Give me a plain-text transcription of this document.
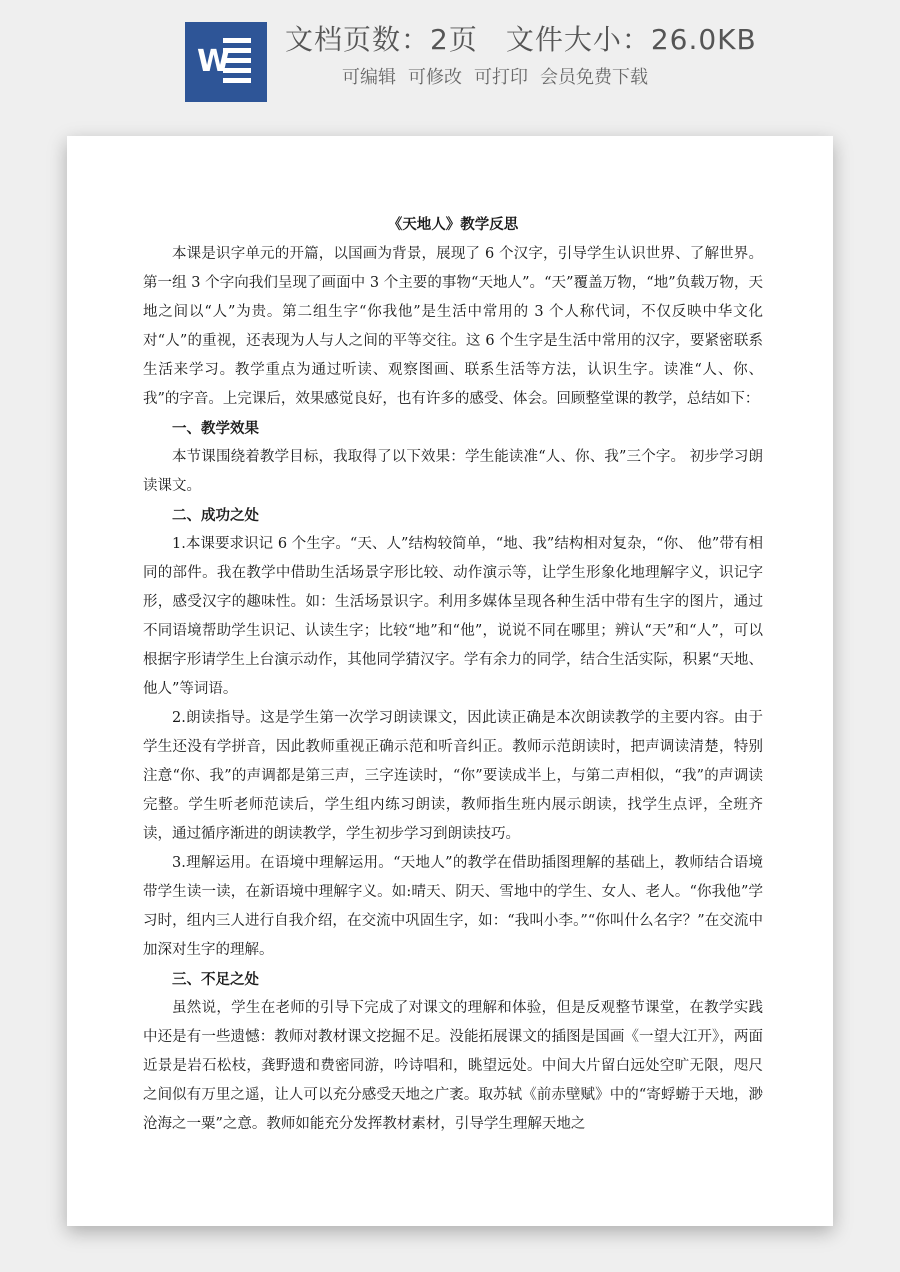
W
文档页数：2页 文件大小：26.0KB
可编辑 可修改 可打印 会员免费下载

《天地人》教学反思

本课是识字单元的开篇，以国画为背景，展现了 6 个汉字，引导学生认识世界、了解世界。第一组 3 个字向我们呈现了画面中 3 个主要的事物“天地人”。“天”覆盖万物，“地”负载万物，天地之间以“人”为贵。第二组生字“你我他”是生活中常用的 3 个人称代词，不仅反映中华文化对“人”的重视，还表现为人与人之间的平等交往。这 6 个生字是生活中常用的汉字，要紧密联系生活来学习。教学重点为通过听读、观察图画、联系生活等方法，认识生字。读准“人、你、我”的字音。上完课后，效果感觉良好，也有许多的感受、体会。回顾整堂课的教学，总结如下：

一、教学效果

本节课围绕着教学目标，我取得了以下效果：学生能读准“人、你、我”三个字。 初步学习朗读课文。

二、成功之处

1.本课要求识记 6 个生字。“天、人”结构较简单，“地、我”结构相对复杂，“你、 他”带有相同的部件。我在教学中借助生活场景字形比较、动作演示等，让学生形象化地理解字义，识记字形，感受汉字的趣味性。如：生活场景识字。利用多媒体呈现各种生活中带有生字的图片，通过不同语境帮助学生识记、认读生字；比较“地”和“他”，说说不同在哪里；辨认“天”和“人”，可以根据字形请学生上台演示动作，其他同学猜汉字。学有余力的同学，结合生活实际，积累“天地、他人”等词语。

2.朗读指导。这是学生第一次学习朗读课文，因此读正确是本次朗读教学的主要内容。由于学生还没有学拼音，因此教师重视正确示范和听音纠正。教师示范朗读时，把声调读清楚，特别注意“你、我”的声调都是第三声，三字连读时，“你”要读成半上，与第二声相似，“我”的声调读完整。学生听老师范读后，学生组内练习朗读，教师指生班内展示朗读，找学生点评，全班齐读，通过循序渐进的朗读教学，学生初步学习到朗读技巧。

3.理解运用。在语境中理解运用。“天地人”的教学在借助插图理解的基础上，教师结合语境带学生读一读，在新语境中理解字义。如:晴天、阴天、雪地中的学生、女人、老人。“你我他”学习时，组内三人进行自我介绍，在交流中巩固生字，如：“我叫小李。”“你叫什么名字？”在交流中加深对生字的理解。

三、不足之处

虽然说，学生在老师的引导下完成了对课文的理解和体验，但是反观整节课堂，在教学实践中还是有一些遗憾：教师对教材课文挖掘不足。没能拓展课文的插图是国画《一望大江开》，两面近景是岩石松枝，龚野遗和费密同游，吟诗唱和，眺望远处。中间大片留白远处空旷无限，咫尺之间似有万里之遥，让人可以充分感受天地之广袤。取苏轼《前赤壁赋》中的“寄蜉蝣于天地，渺沧海之一粟”之意。教师如能充分发挥教材素材，引导学生理解天地之
